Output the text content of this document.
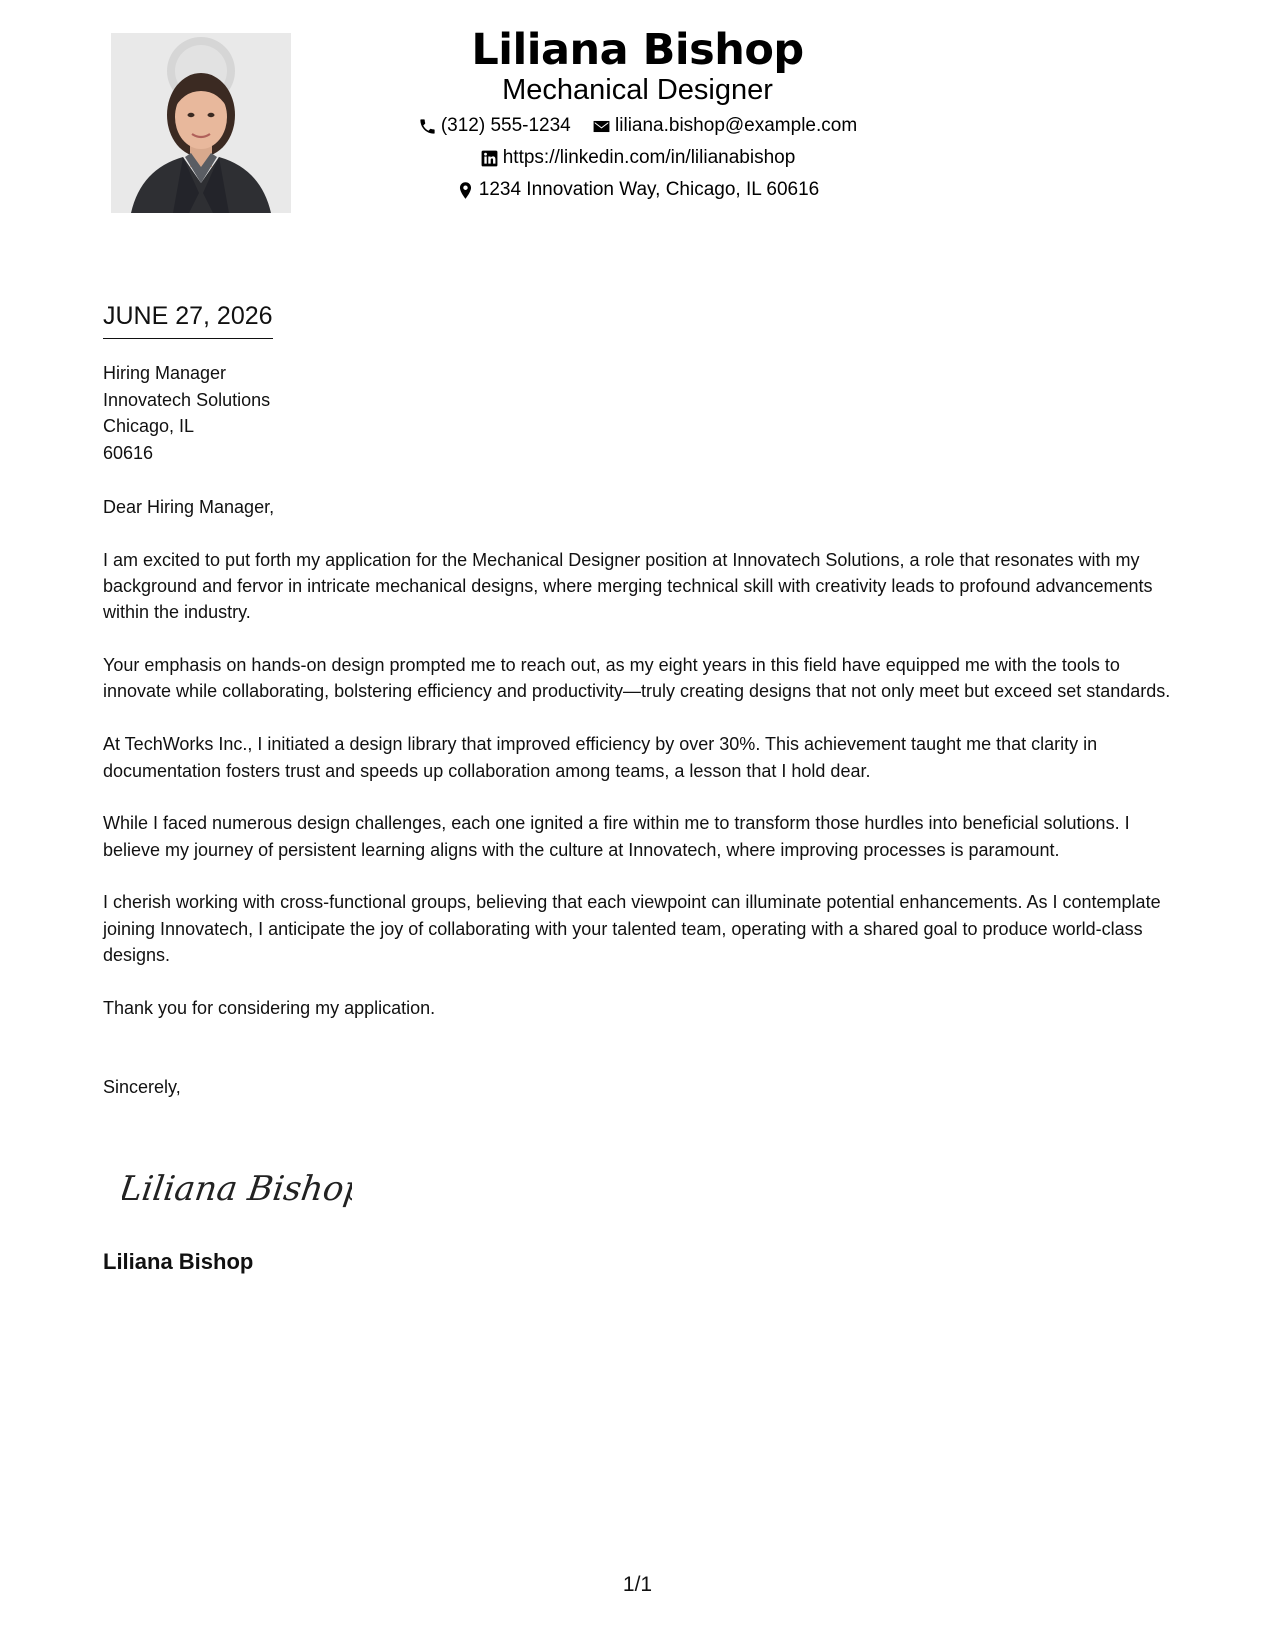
Liliana Bishop
Mechanical Designer
(312) 555-1234
liliana.bishop@example.com
https://linkedin.com/in/lilianabishop
1234 Innovation Way, Chicago, IL 60616
JUNE 27, 2026
Hiring Manager
Innovatech Solutions
Chicago, IL
60616

Dear Hiring Manager,

I am excited to put forth my application for the Mechanical Designer position at Innovatech Solutions, a role that resonates with my background and fervor in intricate mechanical designs, where merging technical skill with creativity leads to profound advancements within the industry.

Your emphasis on hands-on design prompted me to reach out, as my eight years in this field have equipped me with the tools to innovate while collaborating, bolstering efficiency and productivity—truly creating designs that not only meet but exceed set standards.

At TechWorks Inc., I initiated a design library that improved efficiency by over 30%. This achievement taught me that clarity in documentation fosters trust and speeds up collaboration among teams, a lesson that I hold dear.

While I faced numerous design challenges, each one ignited a fire within me to transform those hurdles into beneficial solutions. I believe my journey of persistent learning aligns with the culture at Innovatech, where improving processes is paramount.

I cherish working with cross-functional groups, believing that each viewpoint can illuminate potential enhancements. As I contemplate joining Innovatech, I anticipate the joy of collaborating with your talented team, operating with a shared goal to produce world-class designs.

Thank you for considering my application.

Sincerely,

Liliana Bishop
Liliana Bishop
1/1
